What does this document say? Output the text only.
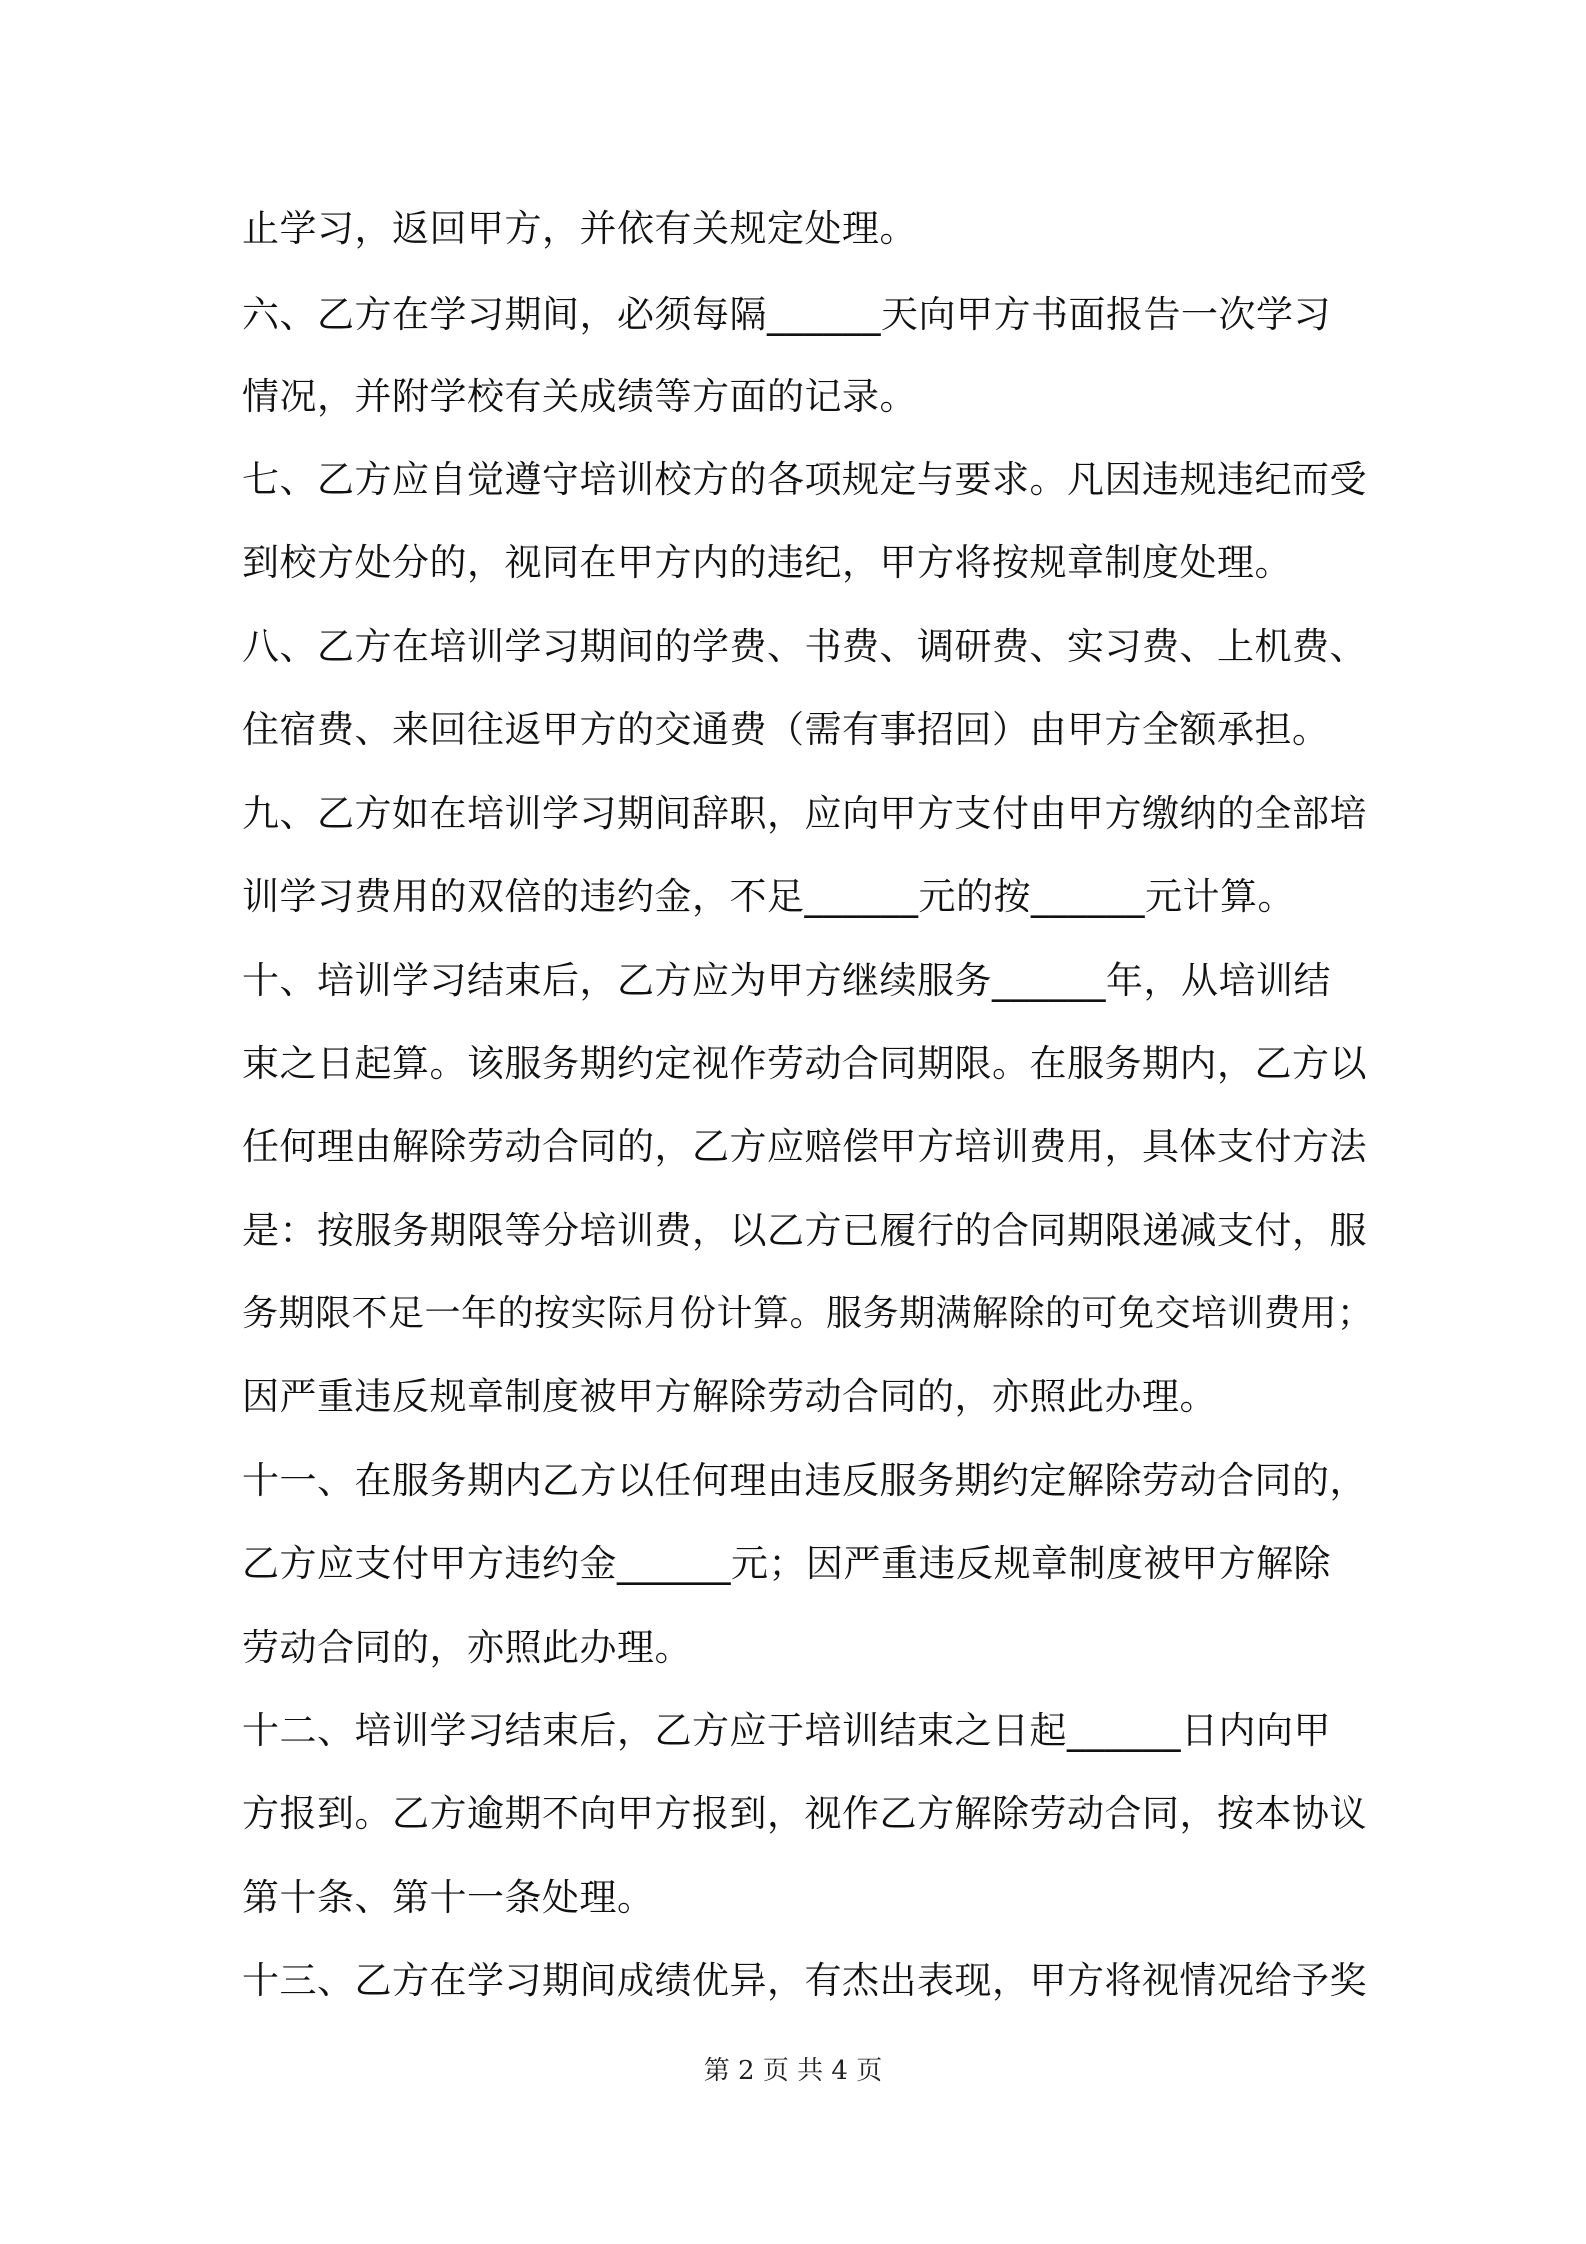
止学习，返回甲方，并依有关规定处理。
六、乙方在学习期间，必须每隔______天向甲方书面报告一次学习
情况，并附学校有关成绩等方面的记录。
七、乙方应自觉遵守培训校方的各项规定与要求。凡因违规违纪而受
到校方处分的，视同在甲方内的违纪，甲方将按规章制度处理。
八、乙方在培训学习期间的学费、书费、调研费、实习费、上机费、
住宿费、来回往返甲方的交通费（需有事招回）由甲方全额承担。
九、乙方如在培训学习期间辞职，应向甲方支付由甲方缴纳的全部培
训学习费用的双倍的违约金，不足______元的按______元计算。
十、培训学习结束后，乙方应为甲方继续服务______年，从培训结
束之日起算。该服务期约定视作劳动合同期限。在服务期内，乙方以
任何理由解除劳动合同的，乙方应赔偿甲方培训费用，具体支付方法
是：按服务期限等分培训费，以乙方已履行的合同期限递减支付，服
务期限不足一年的按实际月份计算。服务期满解除的可免交培训费用；
因严重违反规章制度被甲方解除劳动合同的，亦照此办理。
十一、在服务期内乙方以任何理由违反服务期约定解除劳动合同的，
乙方应支付甲方违约金______元；因严重违反规章制度被甲方解除
劳动合同的，亦照此办理。
十二、培训学习结束后，乙方应于培训结束之日起______日内向甲
方报到。乙方逾期不向甲方报到，视作乙方解除劳动合同，按本协议
第十条、第十一条处理。
十三、乙方在学习期间成绩优异，有杰出表现，甲方将视情况给予奖
第 2 页 共 4 页
